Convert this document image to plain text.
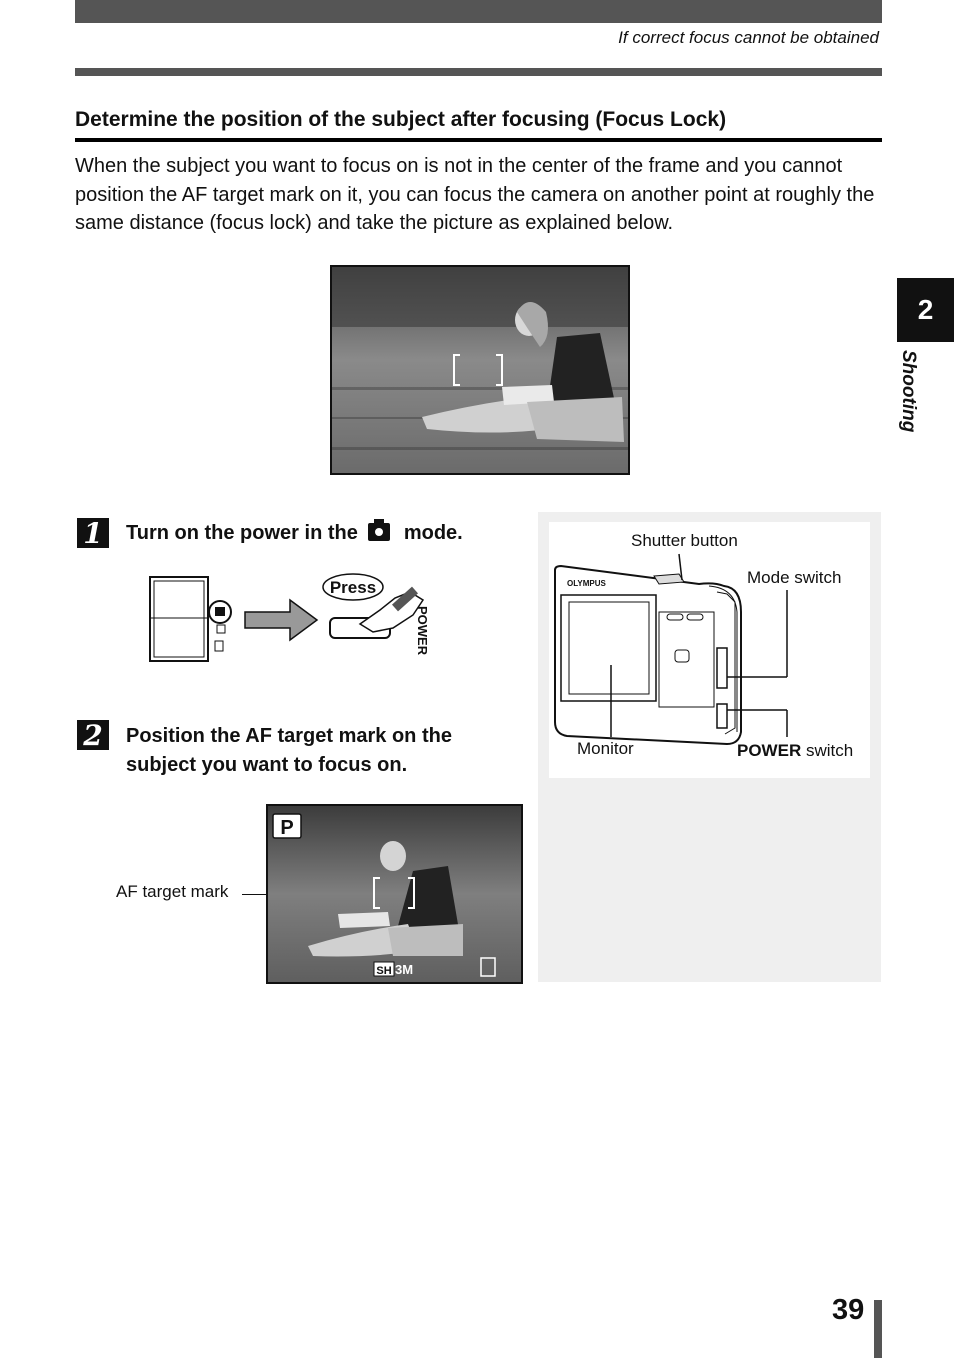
If correct focus cannot be obtained
Determine the position of the subject after focusing (Focus Lock)
When the subject you want to focus on is not in the center of the frame and you cannot position the AF target mark on it, you can focus the camera on another point at roughly the same distance (focus lock) and take the picture as explained below.
2
Shooting
1	Turn on the power in the mode.
Press
POWER
2	Position the AF target mark on the subject you want to focus on.
P
SH 3M
AF target mark
OLYMPUS
Shutter button
Mode switch
Monitor	POWER switch
39
